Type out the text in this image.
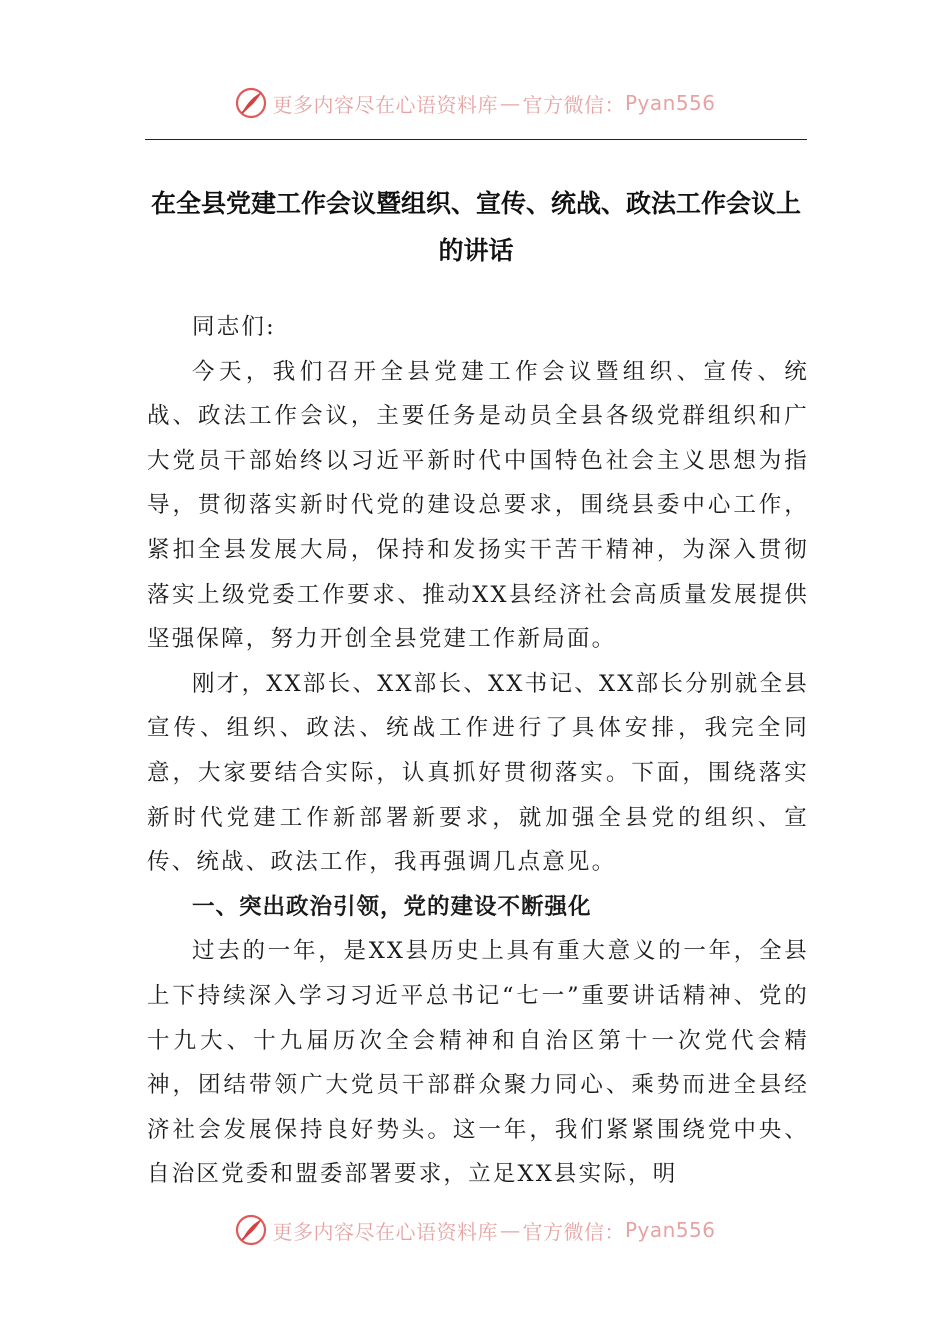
更多内容尽在心语资料库 — 官方微信： Pyan556
在全县党建工作会议暨组织、宣传、统战、政法工作会议上的讲话

同志们:

今天，我们召开全县党建工作会议暨组织、宣传、统战、政法工作会议，主要任务是动员全县各级党群组织和广大党员干部始终以习近平新时代中国特色社会主义思想为指导，贯彻落实新时代党的建设总要求，围绕县委中心工作，紧扣全县发展大局，保持和发扬实干苦干精神，为深入贯彻落实上级党委工作要求、推动XX县经济社会高质量发展提供坚强保障，努力开创全县党建工作新局面。

刚才，XX部长、XX部长、XX书记、XX部长分别就全县宣传、组织、政法、统战工作进行了具体安排，我完全同意，大家要结合实际，认真抓好贯彻落实。下面，围绕落实新时代党建工作新部署新要求，就加强全县党的组织、宣传、统战、政法工作，我再强调几点意见。

一、突出政治引领，党的建设不断强化

过去的一年，是XX县历史上具有重大意义的一年，全县上下持续深入学习习近平总书记“七一”重要讲话精神、党的十九大、十九届历次全会精神和自治区第十一次党代会精神，团结带领广大党员干部群众聚力同心、乘势而进全县经济社会发展保持良好势头。这一年，我们紧紧围绕党中央、自治区党委和盟委部署要求，立足XX县实际，明

更多内容尽在心语资料库 — 官方微信： Pyan556
